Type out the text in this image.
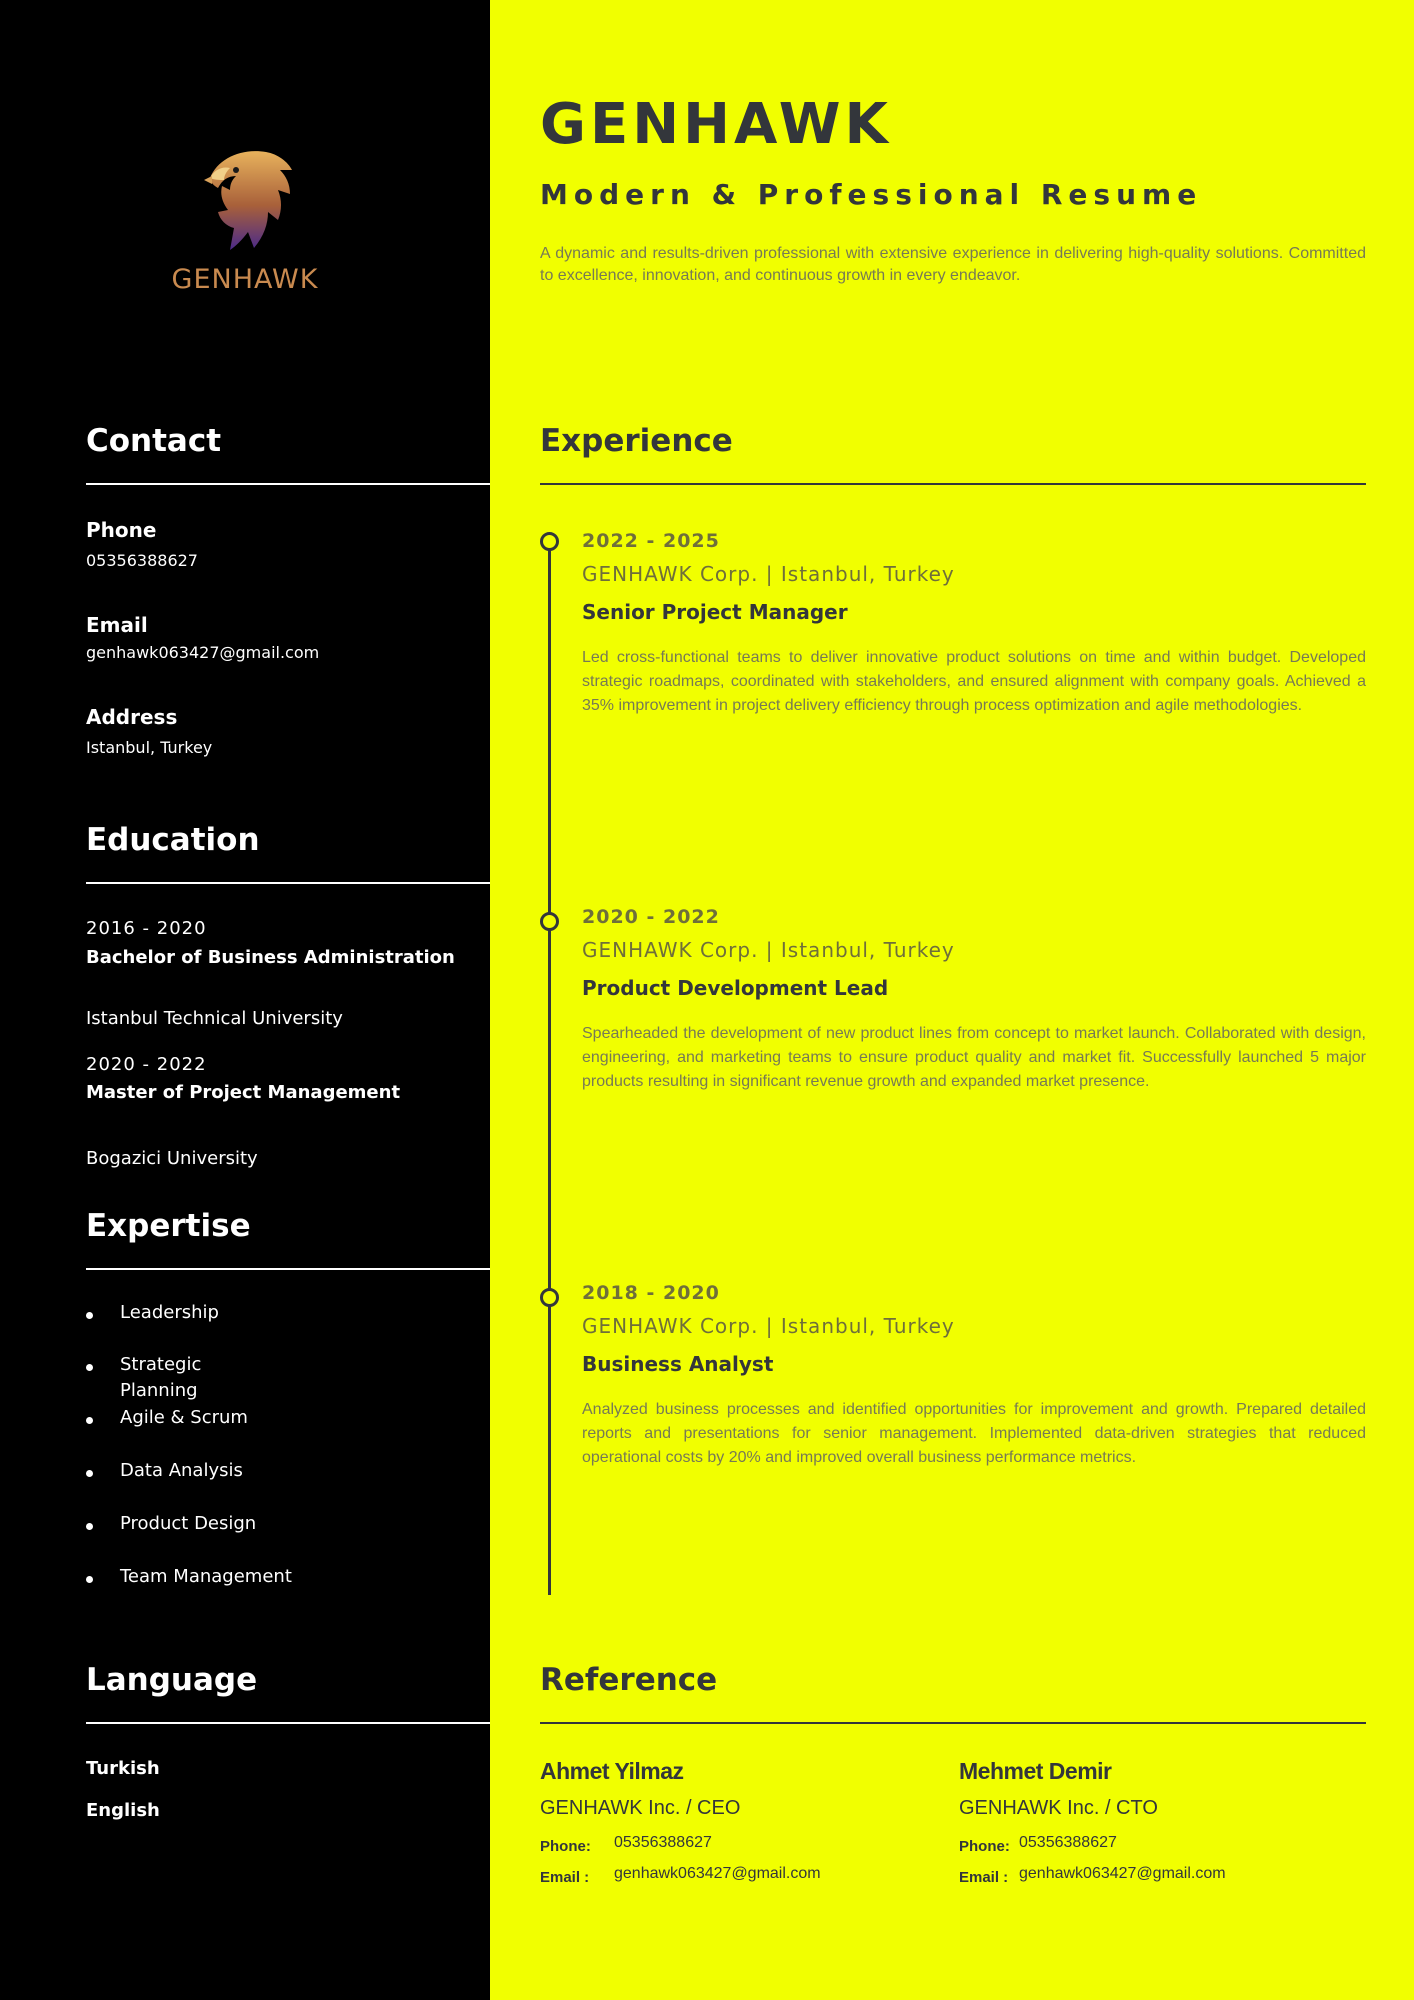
GENHAWK
Contact
Phone
05356388627
Email
genhawk063427@gmail.com
Address
Istanbul, Turkey
Education
2016 - 2020
Bachelor of Business Administration
Istanbul Technical University
2020 - 2022
Master of Project Management
Bogazici University
Expertise
Leadership
Strategic Planning
Agile & Scrum
Data Analysis
Product Design
Team Management
Language
Turkish
English
GENHAWK
Modern & Professional Resume

A dynamic and results-driven professional with extensive experience in delivering high-quality solutions. Committed to excellence, innovation, and continuous growth in every endeavor.

Experience
2022 - 2025
GENHAWK Corp. | Istanbul, Turkey
Senior Project Manager

Led cross-functional teams to deliver innovative product solutions on time and within budget. Developed strategic roadmaps, coordinated with stakeholders, and ensured alignment with company goals. Achieved a 35% improvement in project delivery efficiency through process optimization and agile methodologies.

2020 - 2022
GENHAWK Corp. | Istanbul, Turkey
Product Development Lead

Spearheaded the development of new product lines from concept to market launch. Collaborated with design, engineering, and marketing teams to ensure product quality and market fit. Successfully launched 5 major products resulting in significant revenue growth and expanded market presence.

2018 - 2020
GENHAWK Corp. | Istanbul, Turkey
Business Analyst

Analyzed business processes and identified opportunities for improvement and growth. Prepared detailed reports and presentations for senior management. Implemented data-driven strategies that reduced operational costs by 20% and improved overall business performance metrics.

Reference
Ahmet Yilmaz
GENHAWK Inc. / CEO
Phone:	05356388627
Email :	genhawk063427@gmail.com
Mehmet Demir
GENHAWK Inc. / CTO
Phone: 05356388627
Email : genhawk063427@gmail.com
